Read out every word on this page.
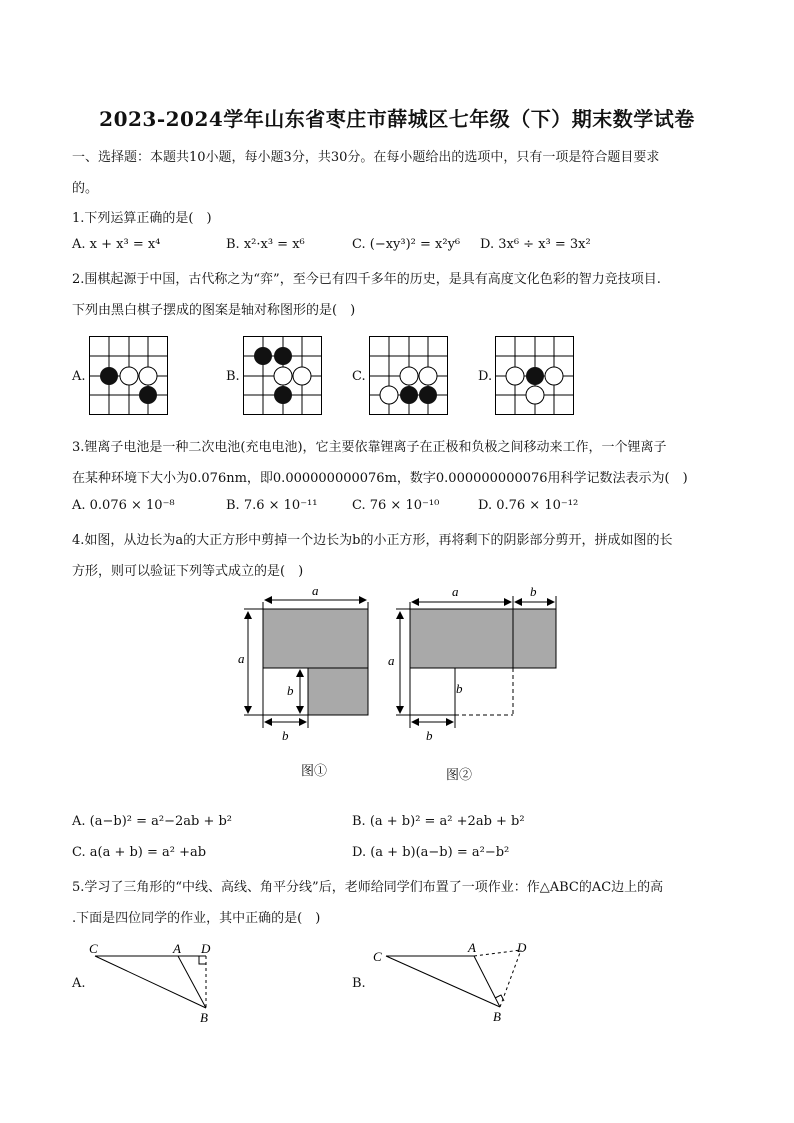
2023-2024学年山东省枣庄市薛城区七年级（下）期末数学试卷
一、选择题：本题共10小题，每小题3分，共30分。在每小题给出的选项中，只有一项是符合题目要求
的。
1.下列运算正确的是(　)
A. x + x³ = x⁴	B. x²·x³ = x⁶	C. (−xy³)² = x²y⁶ D. 3x⁶ ÷ x³ = 3x²
2.围棋起源于中国，古代称之为“弈”，至今已有四千多年的历史，是具有高度文化色彩的智力竞技项目.
下列由黑白棋子摆成的图案是轴对称图形的是(　)
A.	B.	C.	D.
3.锂离子电池是一种二次电池(充电电池)，它主要依靠锂离子在正极和负极之间移动来工作，一个锂离子
在某种环境下大小为0.076nm，即0.000000000076m，数字0.000000000076用科学记数法表示为(　)
A. 0.076 × 10⁻⁸	B. 7.6 × 10⁻¹¹	C. 76 × 10⁻¹⁰	D. 0.76 × 10⁻¹²
4.如图，从边长为a的大正方形中剪掉一个边长为b的小正方形，再将剩下的阴影部分剪开，拼成如图的长
方形，则可以验证下列等式成立的是(　)
a
a
b
b
图①
a	b
a
b
b
图②
A. (a−b)² = a²−2ab + b²	B. (a + b)² = a² +2ab + b²
C. a(a + b) = a² +ab	D. (a + b)(a−b) = a²−b²
5.学习了三角形的“中线、高线、角平分线”后，老师给同学们布置了一项作业：作△ABC的AC边上的高
.下面是四位同学的作业，其中正确的是(　)
A.	B.
C	A D
B
C
A	D
B
